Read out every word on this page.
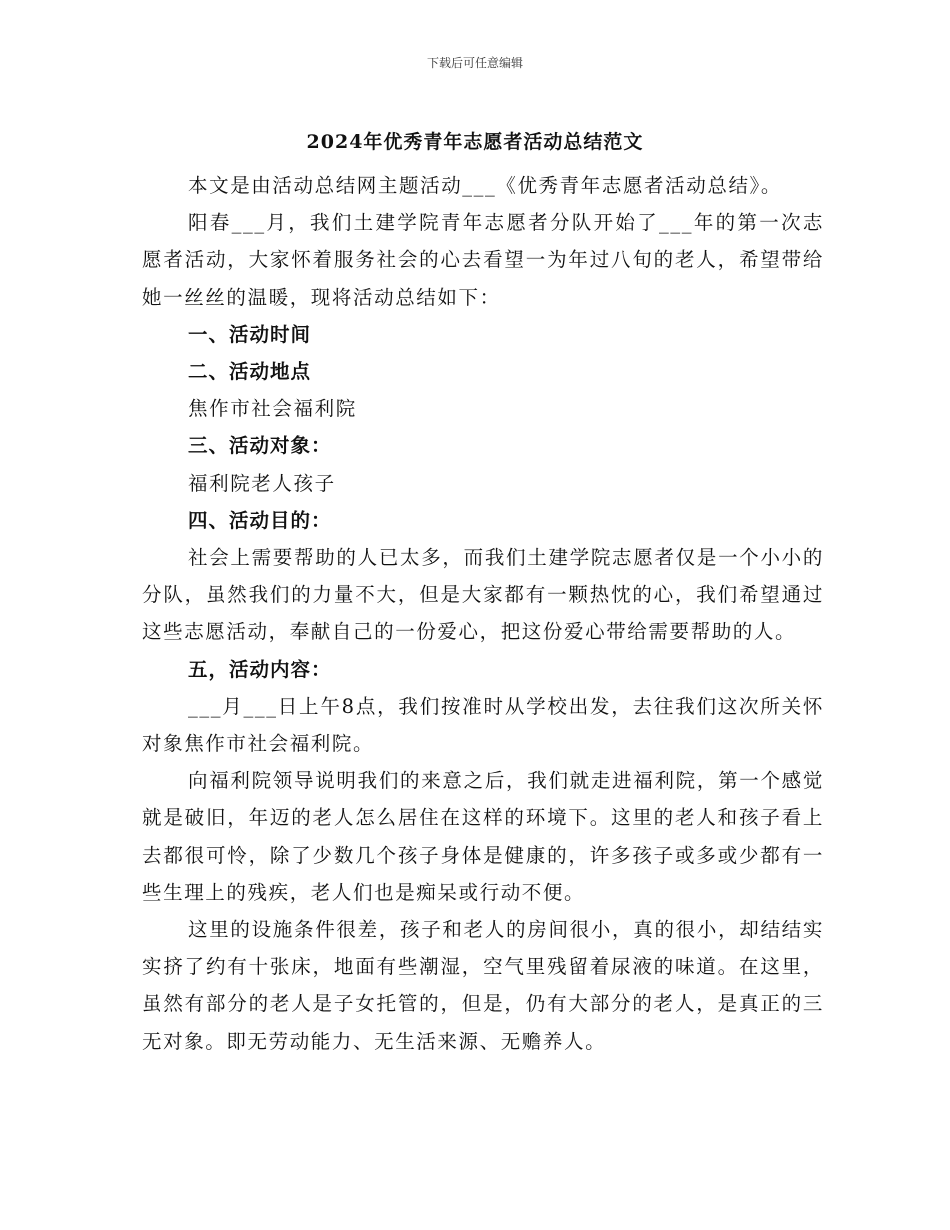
下载后可任意编辑
2024年优秀青年志愿者活动总结范文

本文是由活动总结网主题活动___《优秀青年志愿者活动总结》。

阳春___月，我们土建学院青年志愿者分队开始了___年的第一次志愿者活动，大家怀着服务社会的心去看望一为年过八旬的老人，希望带给她一丝丝的温暖，现将活动总结如下：

一、活动时间

二、活动地点

焦作市社会福利院

三、活动对象：

福利院老人孩子

四、活动目的：

社会上需要帮助的人已太多，而我们土建学院志愿者仅是一个小小的分队，虽然我们的力量不大，但是大家都有一颗热忱的心，我们希望通过这些志愿活动，奉献自己的一份爱心，把这份爱心带给需要帮助的人。

五，活动内容：

___月___日上午8点，我们按准时从学校出发，去往我们这次所关怀对象焦作市社会福利院。

向福利院领导说明我们的来意之后，我们就走进福利院，第一个感觉就是破旧，年迈的老人怎么居住在这样的环境下。这里的老人和孩子看上去都很可怜，除了少数几个孩子身体是健康的，许多孩子或多或少都有一些生理上的残疾，老人们也是痴呆或行动不便。

这里的设施条件很差，孩子和老人的房间很小，真的很小，却结结实实挤了约有十张床，地面有些潮湿，空气里残留着尿液的味道。在这里，虽然有部分的老人是子女托管的，但是，仍有大部分的老人，是真正的三无对象。即无劳动能力、无生活来源、无赡养人。
